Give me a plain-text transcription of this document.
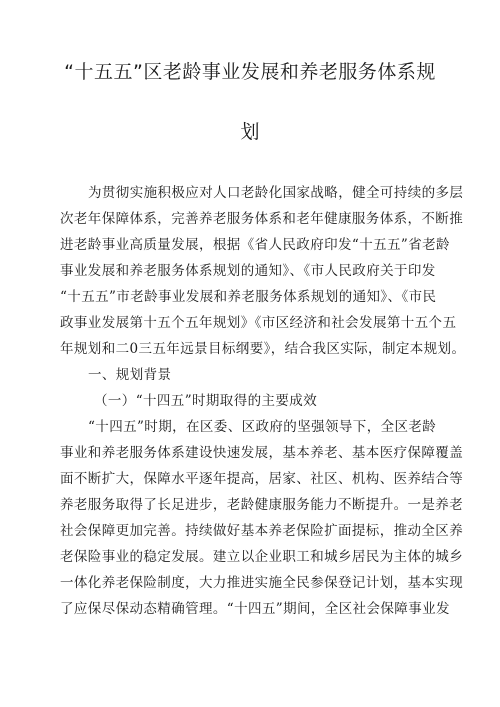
“十五五”区老龄事业发展和养老服务体系规
划
为贯彻实施积极应对人口老龄化国家战略，健全可持续的多层
次老年保障体系，完善养老服务体系和老年健康服务体系，不断推
进老龄事业高质量发展，根据《省人民政府印发“十五五”省老龄
事业发展和养老服务体系规划的通知》、《市人民政府关于印发
“十五五”市老龄事业发展和养老服务体系规划的通知》、《市民
政事业发展第十五个五年规划》《市区经济和社会发展第十五个五
年规划和二0三五年远景目标纲要》，结合我区实际，制定本规划。
一、规划背景
（一）“十四五”时期取得的主要成效
“十四五”时期，在区委、区政府的坚强领导下，全区老龄
事业和养老服务体系建设快速发展，基本养老、基本医疗保障覆盖
面不断扩大，保障水平逐年提高，居家、社区、机构、医养结合等
养老服务取得了长足进步，老龄健康服务能力不断提升。一是养老
社会保障更加完善。持续做好基本养老保险扩面提标，推动全区养
老保险事业的稳定发展。建立以企业职工和城乡居民为主体的城乡
一体化养老保险制度，大力推进实施全民参保登记计划，基本实现
了应保尽保动态精确管理。“十四五”期间，全区社会保障事业发
